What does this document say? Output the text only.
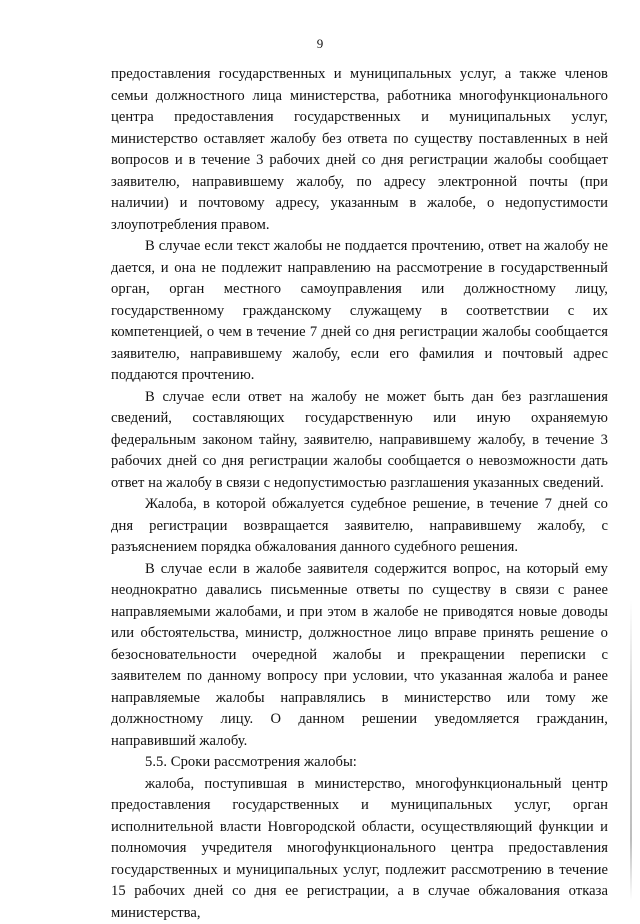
9

предоставления государственных и муниципальных услуг, а также членов семьи должностного лица министерства, работника многофункционального центра предоставления государственных и муниципальных услуг, министерство оставляет жалобу без ответа по существу поставленных в ней вопросов и в течение 3 рабочих дней со дня регистрации жалобы сообщает заявителю, направившему жалобу, по адресу электронной почты (при наличии) и почтовому адресу, указанным в жалобе, о недопустимости злоупотребления правом.

В случае если текст жалобы не поддается прочтению, ответ на жалобу не дается, и она не подлежит направлению на рассмотрение в государственный орган, орган местного самоуправления или должностному лицу, государственному гражданскому служащему в соответствии с их компетенцией, о чем в течение 7 дней со дня регистрации жалобы сообщается заявителю, направившему жалобу, если его фамилия и почтовый адрес поддаются прочтению.

В случае если ответ на жалобу не может быть дан без разглашения сведений, составляющих государственную или иную охраняемую федеральным законом тайну, заявителю, направившему жалобу, в течение 3 рабочих дней со дня регистрации жалобы сообщается о невозможности дать ответ на жалобу в связи с недопустимостью разглашения указанных сведений.

Жалоба, в которой обжалуется судебное решение, в течение 7 дней со дня регистрации возвращается заявителю, направившему жалобу, с разъяснением порядка обжалования данного судебного решения.

В случае если в жалобе заявителя содержится вопрос, на который ему неоднократно давались письменные ответы по существу в связи с ранее направляемыми жалобами, и при этом в жалобе не приводятся новые доводы или обстоятельства, министр, должностное лицо вправе принять решение о безосновательности очередной жалобы и прекращении переписки с заявителем по данному вопросу при условии, что указанная жалоба и ранее направляемые жалобы направлялись в министерство или тому же должностному лицу. О данном решении уведомляется гражданин, направивший жалобу.

5.5. Сроки рассмотрения жалобы:

жалоба, поступившая в министерство, многофункциональный центр предоставления государственных и муниципальных услуг, орган исполнительной власти Новгородской области, осуществляющий функции и полномочия учредителя многофункционального центра предоставления государственных и муниципальных услуг, подлежит рассмотрению в течение 15 рабочих дней со дня ее регистрации, а в случае обжалования отказа министерства,
